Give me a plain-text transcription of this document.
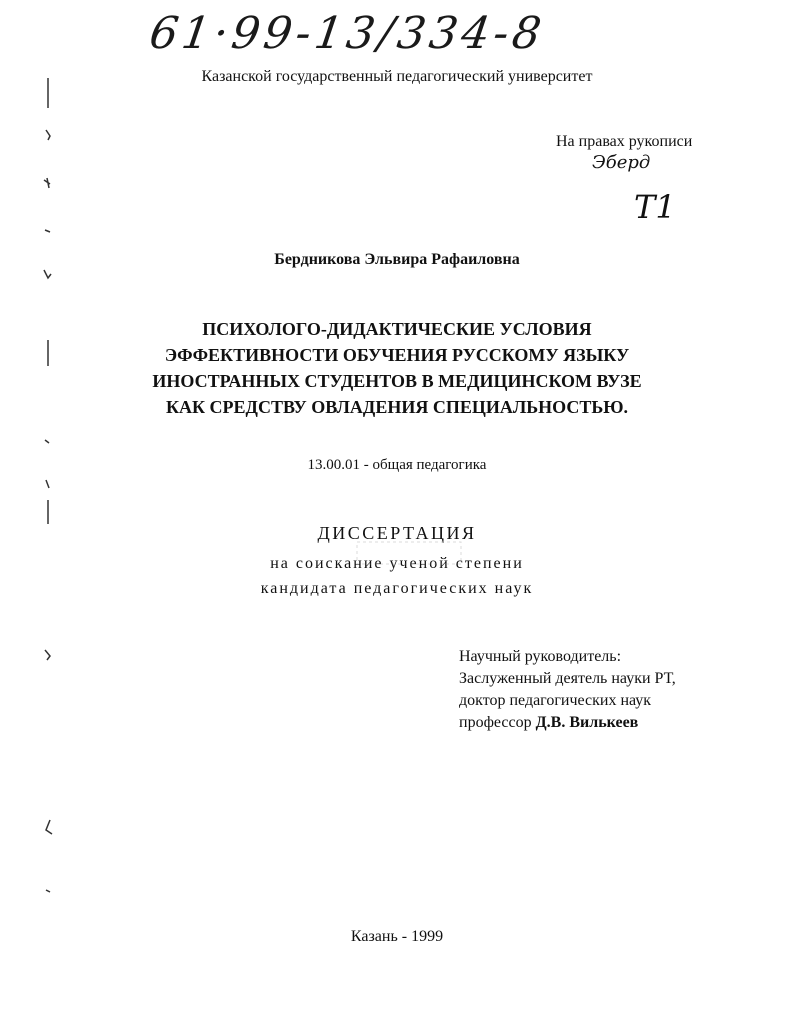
61·99-13/334-8
Казанской государственный педагогический университет
На правах рукописи
Эберд
Т1
Бердникова Эльвира Рафаиловна
ПСИХОЛОГО-ДИДАКТИЧЕСКИЕ УСЛОВИЯ
ЭФФЕКТИВНОСТИ ОБУЧЕНИЯ РУССКОМУ ЯЗЫКУ
ИНОСТРАННЫХ СТУДЕНТОВ В МЕДИЦИНСКОМ ВУЗЕ
КАК СРЕДСТВУ ОВЛАДЕНИЯ СПЕЦИАЛЬНОСТЬЮ.
13.00.01 - общая педагогика
ДИССЕРТАЦИЯ
на соискание ученой степени
кандидата педагогических наук
Научный руководитель:
Заслуженный деятель науки РТ,
доктор педагогических наук
профессор Д.В. Вилькеев
Казань - 1999
